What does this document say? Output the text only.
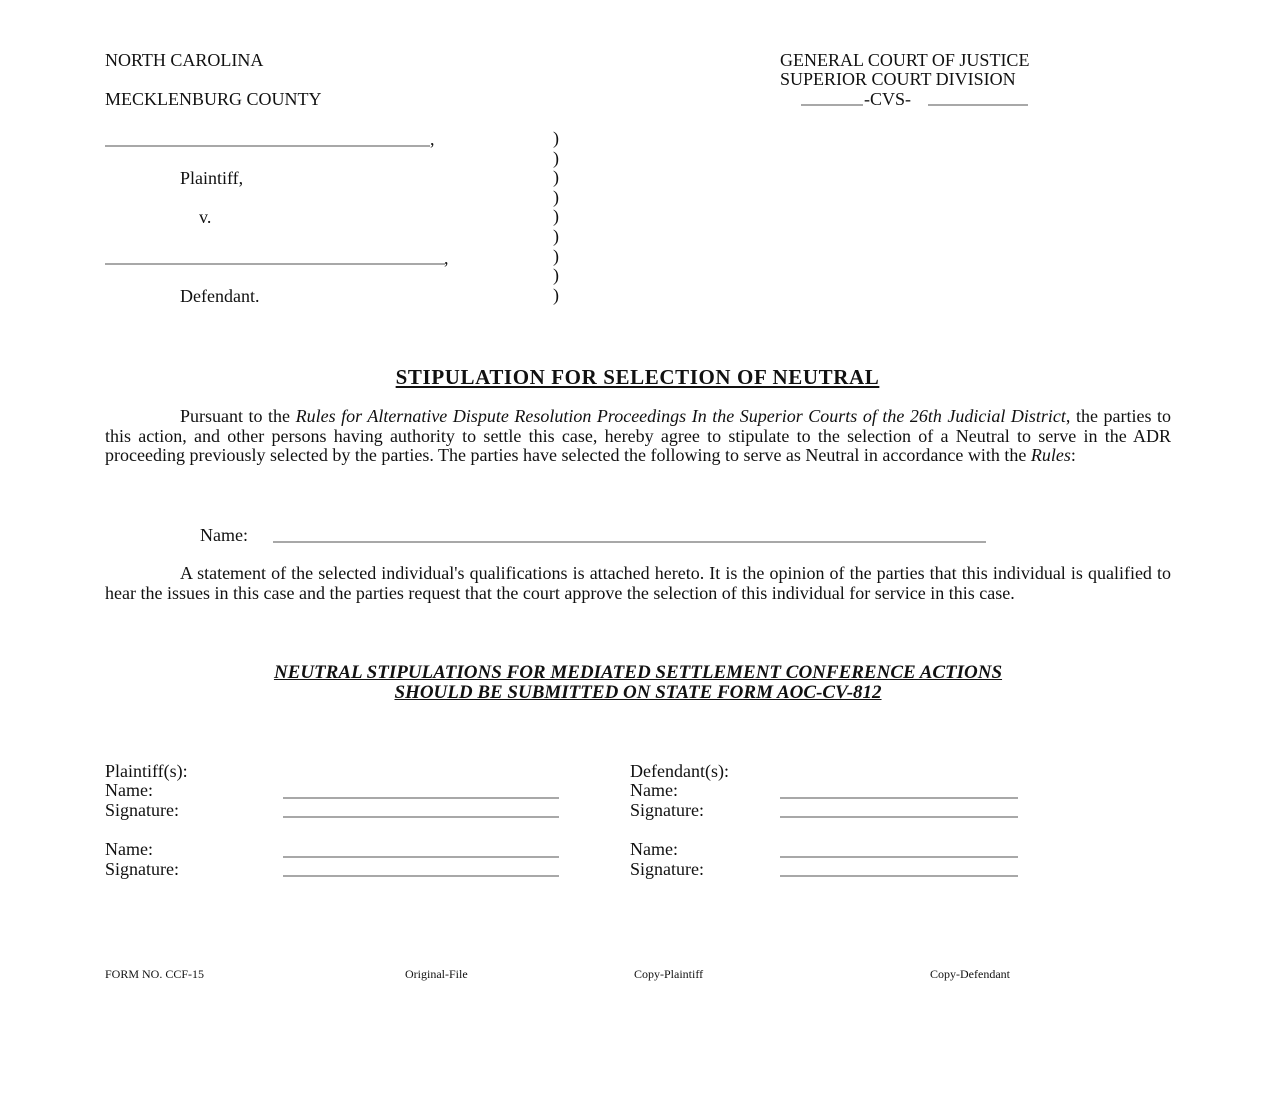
NORTH CAROLINA
MECKLENBURG COUNTY
GENERAL COURT OF JUSTICE
SUPERIOR COURT DIVISION
-CVS-
,
Plaintiff,
v.
,
Defendant.
)
)
)
)
)
)
)
)
)
STIPULATION FOR SELECTION OF NEUTRAL
Pursuant to the Rules for Alternative Dispute Resolution Proceedings In the Superior Courts of the 26th Judicial District, the parties to this action, and other persons having authority to settle this case, hereby agree to stipulate to the selection of a Neutral to serve in the ADR proceeding previously selected by the parties. The parties have selected the following to serve as Neutral in accordance with the Rules:
Name:
A statement of the selected individual's qualifications is attached hereto. It is the opinion of the parties that this individual is qualified to hear the issues in this case and the parties request that the court approve the selection of this individual for service in this case.
NEUTRAL STIPULATIONS FOR MEDIATED SETTLEMENT CONFERENCE ACTIONS
SHOULD BE SUBMITTED ON STATE FORM AOC-CV-812
Plaintiff(s):
Name:
Signature:
Name:
Signature:
Defendant(s):
Name:
Signature:
Name:
Signature:
FORM NO. CCF-15	Original-File	Copy-Plaintiff	Copy-Defendant
